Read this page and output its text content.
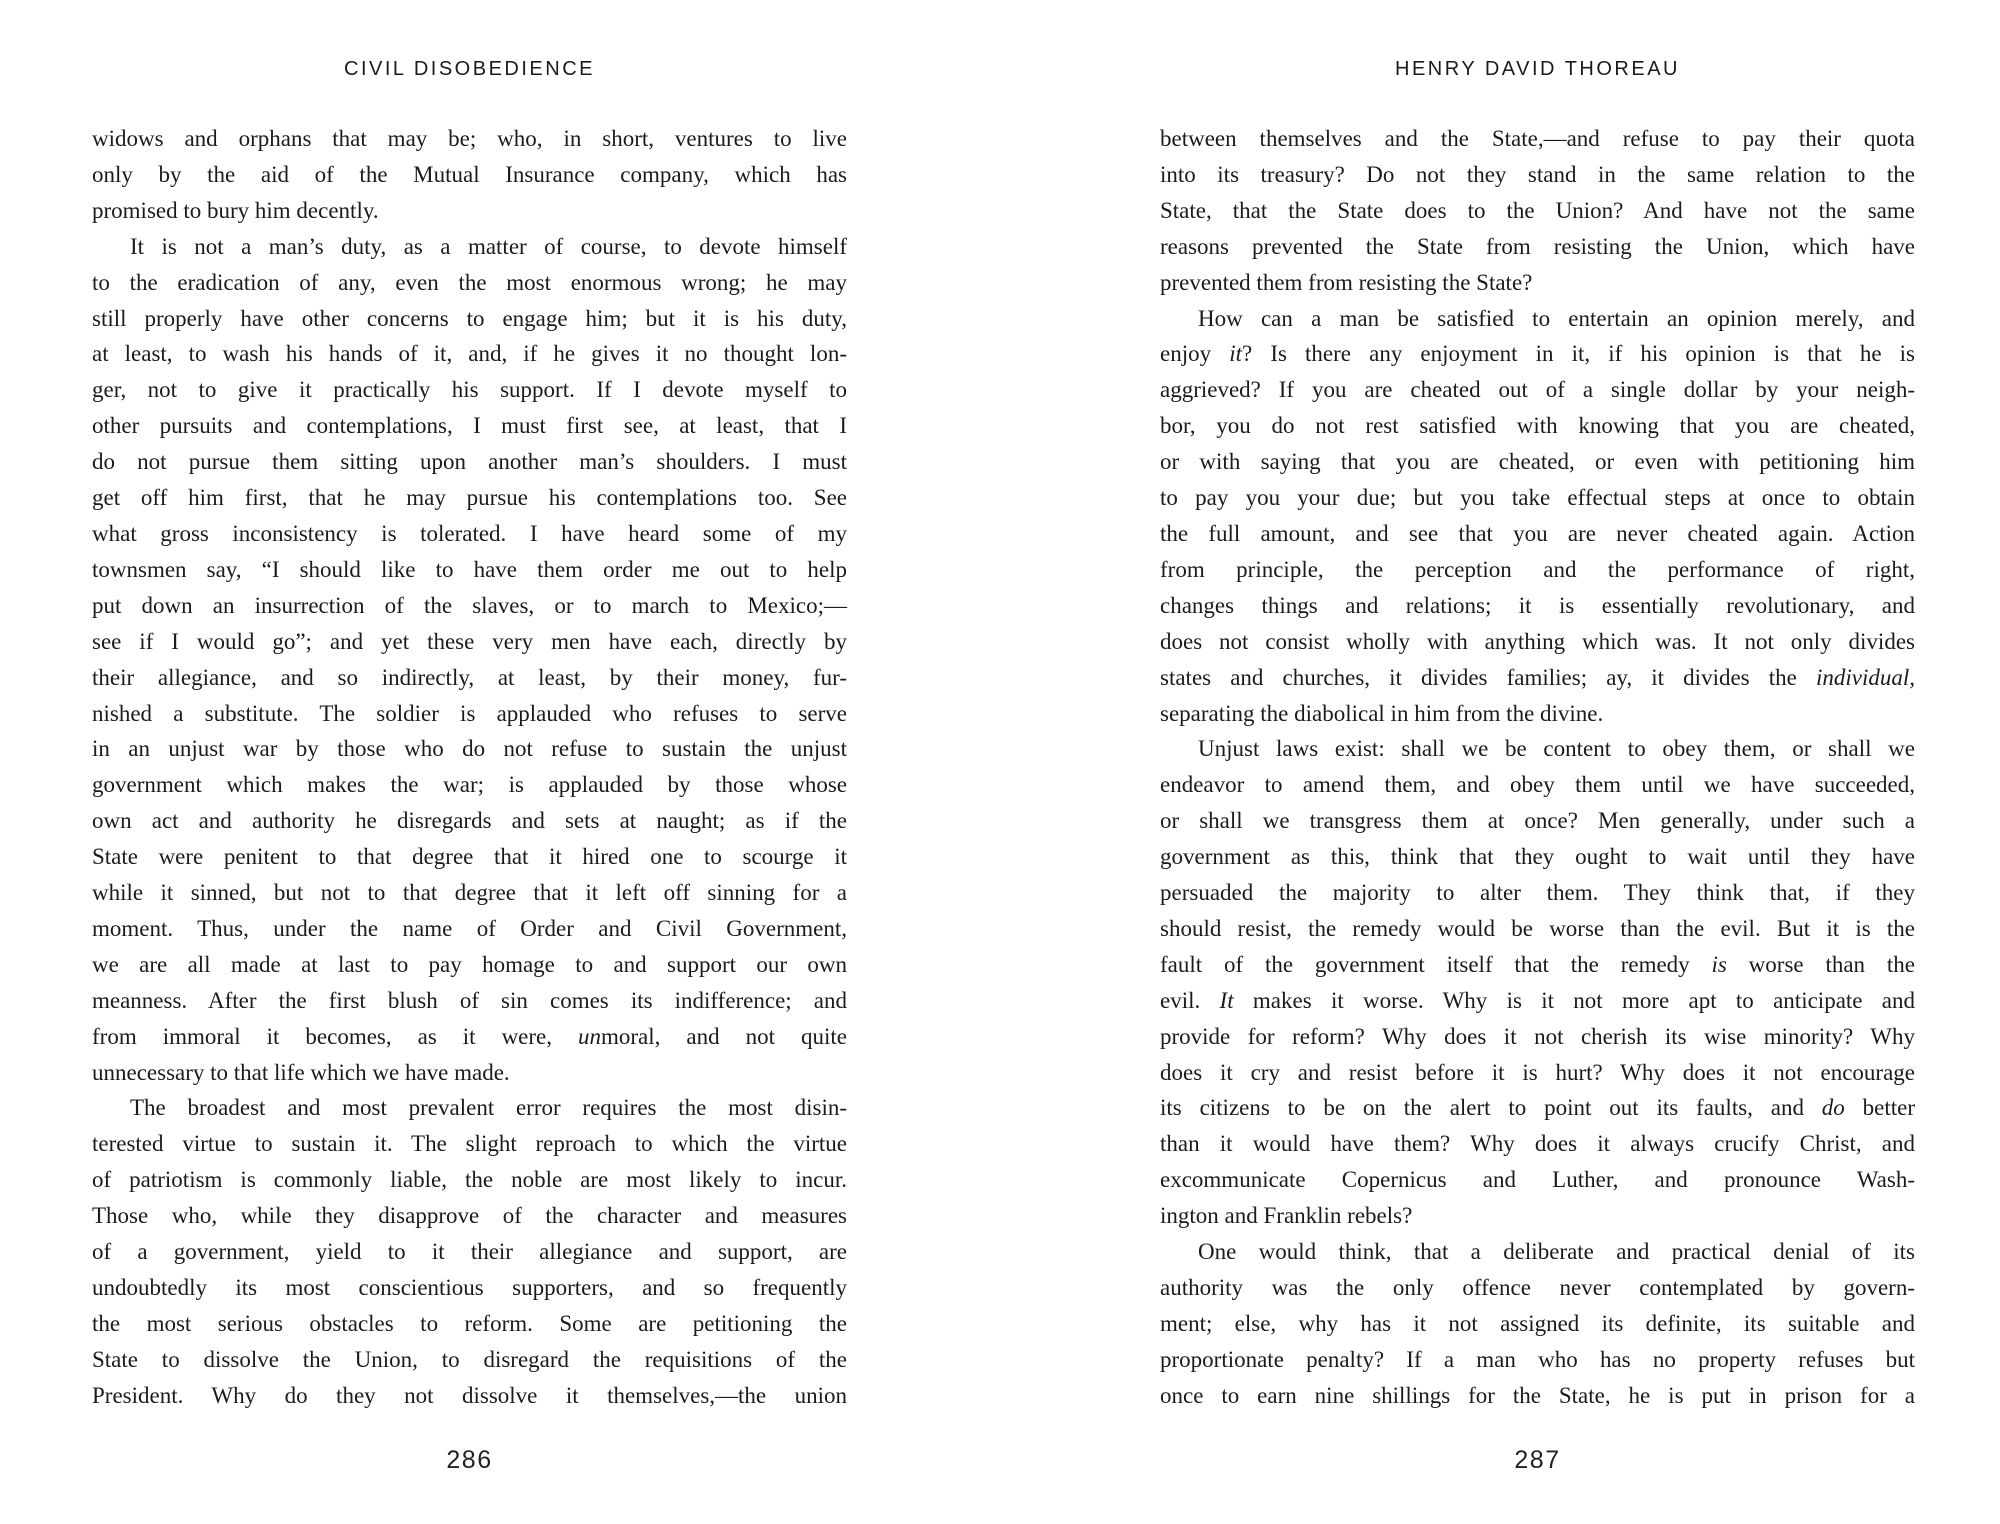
CIVIL DISOBEDIENCE
widows and orphans that may be; who, in short, ventures to live
only by the aid of the Mutual Insurance company, which has
promised to bury him decently.
It is not a man’s duty, as a matter of course, to devote himself
to the eradication of any, even the most enormous wrong; he may
still properly have other concerns to engage him; but it is his duty,
at least, to wash his hands of it, and, if he gives it no thought lon-
ger, not to give it practically his support. If I devote myself to
other pursuits and contemplations, I must first see, at least, that I
do not pursue them sitting upon another man’s shoulders. I must
get off him first, that he may pursue his contemplations too. See
what gross inconsistency is tolerated. I have heard some of my
townsmen say, “I should like to have them order me out to help
put down an insurrection of the slaves, or to march to Mexico;—
see if I would go”; and yet these very men have each, directly by
their allegiance, and so indirectly, at least, by their money, fur-
nished a substitute. The soldier is applauded who refuses to serve
in an unjust war by those who do not refuse to sustain the unjust
government which makes the war; is applauded by those whose
own act and authority he disregards and sets at naught; as if the
State were penitent to that degree that it hired one to scourge it
while it sinned, but not to that degree that it left off sinning for a
moment. Thus, under the name of Order and Civil Government,
we are all made at last to pay homage to and support our own
meanness. After the first blush of sin comes its indifference; and
from immoral it becomes, as it were, unmoral, and not quite
unnecessary to that life which we have made.
The broadest and most prevalent error requires the most disin-
terested virtue to sustain it. The slight reproach to which the virtue
of patriotism is commonly liable, the noble are most likely to incur.
Those who, while they disapprove of the character and measures
of a government, yield to it their allegiance and support, are
undoubtedly its most conscientious supporters, and so frequently
the most serious obstacles to reform. Some are petitioning the
State to dissolve the Union, to disregard the requisitions of the
President. Why do they not dissolve it themselves,—the union
286
HENRY DAVID THOREAU
between themselves and the State,—and refuse to pay their quota
into its treasury? Do not they stand in the same relation to the
State, that the State does to the Union? And have not the same
reasons prevented the State from resisting the Union, which have
prevented them from resisting the State?
How can a man be satisfied to entertain an opinion merely, and
enjoy it? Is there any enjoyment in it, if his opinion is that he is
aggrieved? If you are cheated out of a single dollar by your neigh-
bor, you do not rest satisfied with knowing that you are cheated,
or with saying that you are cheated, or even with petitioning him
to pay you your due; but you take effectual steps at once to obtain
the full amount, and see that you are never cheated again. Action
from principle, the perception and the performance of right,
changes things and relations; it is essentially revolutionary, and
does not consist wholly with anything which was. It not only divides
states and churches, it divides families; ay, it divides the individual,
separating the diabolical in him from the divine.
Unjust laws exist: shall we be content to obey them, or shall we
endeavor to amend them, and obey them until we have succeeded,
or shall we transgress them at once? Men generally, under such a
government as this, think that they ought to wait until they have
persuaded the majority to alter them. They think that, if they
should resist, the remedy would be worse than the evil. But it is the
fault of the government itself that the remedy is worse than the
evil. It makes it worse. Why is it not more apt to anticipate and
provide for reform? Why does it not cherish its wise minority? Why
does it cry and resist before it is hurt? Why does it not encourage
its citizens to be on the alert to point out its faults, and do better
than it would have them? Why does it always crucify Christ, and
excommunicate Copernicus and Luther, and pronounce Wash-
ington and Franklin rebels?
One would think, that a deliberate and practical denial of its
authority was the only offence never contemplated by govern-
ment; else, why has it not assigned its definite, its suitable and
proportionate penalty? If a man who has no property refuses but
once to earn nine shillings for the State, he is put in prison for a
287
